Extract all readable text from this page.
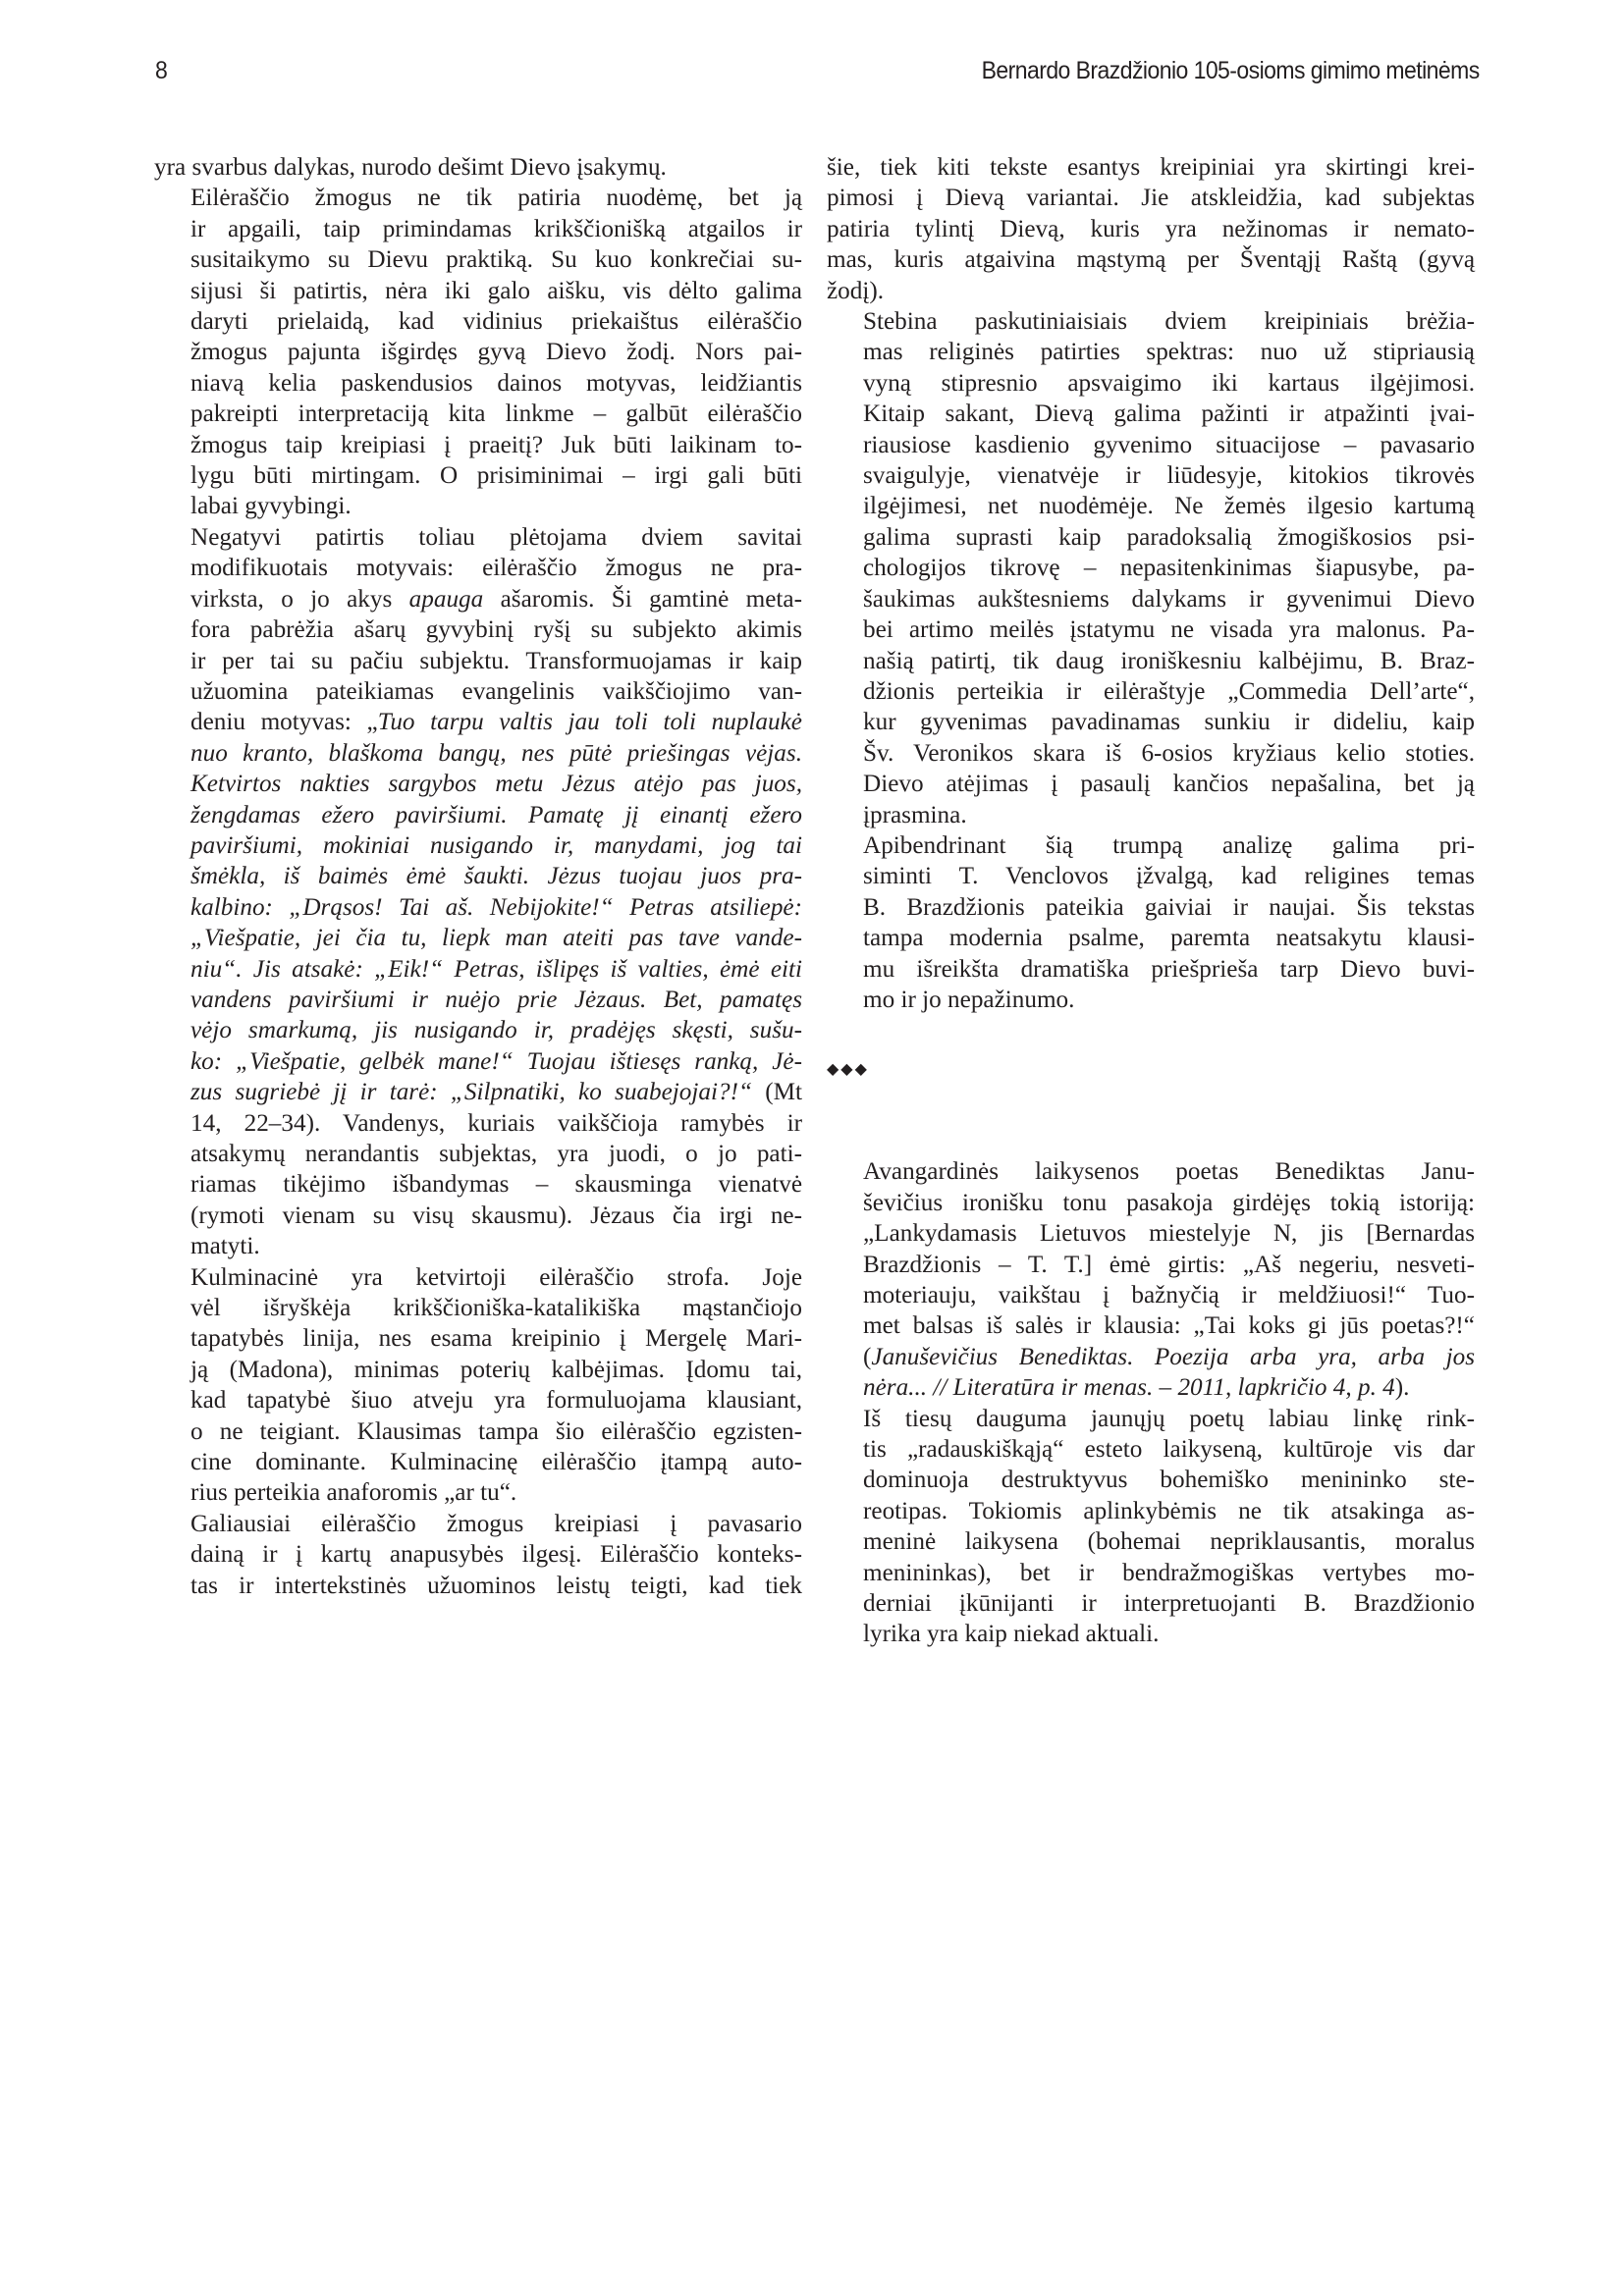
8	Bernardo Brazdžionio 105-osioms gimimo metinėms

yra svarbus dalykas, nurodo dešimt Dievo įsakymų.

Eilėraščio žmogus ne tik patiria nuodėmę, bet ją
ir apgaili, taip primindamas krikščionišką atgailos ir
susitaikymo su Dievu praktiką. Su kuo konkrečiai su-
sijusi ši patirtis, nėra iki galo aišku, vis dėlto galima
daryti prielaidą, kad vidinius priekaištus eilėraščio
žmogus pajunta išgirdęs gyvą Dievo žodį. Nors pai-
niavą kelia paskendusios dainos motyvas, leidžiantis
pakreipti interpretaciją kita linkme – galbūt eilėraščio
žmogus taip kreipiasi į praeitį? Juk būti laikinam to-
lygu būti mirtingam. O prisiminimai – irgi gali būti
labai gyvybingi.

Negatyvi patirtis toliau plėtojama dviem savitai
modifikuotais motyvais: eilėraščio žmogus ne pra-
virksta, o jo akys apauga ašaromis. Ši gamtinė meta-
fora pabrėžia ašarų gyvybinį ryšį su subjekto akimis
ir per tai su pačiu subjektu. Transformuojamas ir kaip
užuomina pateikiamas evangelinis vaikščiojimo van-
deniu motyvas: „Tuo tarpu valtis jau toli toli nuplaukė
nuo kranto, blaškoma bangų, nes pūtė priešingas vėjas.
Ketvirtos nakties sargybos metu Jėzus atėjo pas juos,
žengdamas ežero paviršiumi. Pamatę jį einantį ežero
paviršiumi, mokiniai nusigando ir, manydami, jog tai
šmėkla, iš baimės ėmė šaukti. Jėzus tuojau juos pra-
kalbino: „Drąsos! Tai aš. Nebijokite!“ Petras atsiliepė:
„Viešpatie, jei čia tu, liepk man ateiti pas tave vande-
niu“. Jis atsakė: „Eik!“ Petras, išlipęs iš valties, ėmė eiti
vandens paviršiumi ir nuėjo prie Jėzaus. Bet, pamatęs
vėjo smarkumą, jis nusigando ir, pradėjęs skęsti, sušu-
ko: „Viešpatie, gelbėk mane!“ Tuojau ištiesęs ranką, Jė-
zus sugriebė jį ir tarė: „Silpnatiki, ko suabejojai?!“ (Mt
14, 22–34). Vandenys, kuriais vaikščioja ramybės ir
atsakymų nerandantis subjektas, yra juodi, o jo pati-
riamas tikėjimo išbandymas – skausminga vienatvė
(rymoti vienam su visų skausmu). Jėzaus čia irgi ne-
matyti.

Kulminacinė yra ketvirtoji eilėraščio strofa. Joje
vėl išryškėja krikščioniška-katalikiška mąstančiojo
tapatybės linija, nes esama kreipinio į Mergelę Mari-
ją (Madona), minimas poterių kalbėjimas. Įdomu tai,
kad tapatybė šiuo atveju yra formuluojama klausiant,
o ne teigiant. Klausimas tampa šio eilėraščio egzisten-
cine dominante. Kulminacinę eilėraščio įtampą auto-
rius perteikia anaforomis „ar tu“.

Galiausiai eilėraščio žmogus kreipiasi į pavasario
dainą ir į kartų anapusybės ilgesį. Eilėraščio konteks-
tas ir intertekstinės užuominos leistų teigti, kad tiek

šie, tiek kiti tekste esantys kreipiniai yra skirtingi krei-
pimosi į Dievą variantai. Jie atskleidžia, kad subjektas
patiria tylintį Dievą, kuris yra nežinomas ir nemato-
mas, kuris atgaivina mąstymą per Šventąjį Raštą (gyvą
žodį).

Stebina paskutiniaisiais dviem kreipiniais brėžia-
mas religinės patirties spektras: nuo už stipriausią
vyną stipresnio apsvaigimo iki kartaus ilgėjimosi.
Kitaip sakant, Dievą galima pažinti ir atpažinti įvai-
riausiose kasdienio gyvenimo situacijose – pavasario
svaigulyje, vienatvėje ir liūdesyje, kitokios tikrovės
ilgėjimesi, net nuodėmėje. Ne žemės ilgesio kartumą
galima suprasti kaip paradoksalią žmogiškosios psi-
chologijos tikrovę – nepasitenkinimas šiapusybe, pa-
šaukimas aukštesniems dalykams ir gyvenimui Dievo
bei artimo meilės įstatymu ne visada yra malonus. Pa-
našią patirtį, tik daug ironiškesniu kalbėjimu, B. Braz-
džionis perteikia ir eilėraštyje „Commedia Dell’arte“,
kur gyvenimas pavadinamas sunkiu ir dideliu, kaip
Šv. Veronikos skara iš 6-osios kryžiaus kelio stoties.
Dievo atėjimas į pasaulį kančios nepašalina, bet ją
įprasmina.

Apibendrinant šią trumpą analizę galima pri-
siminti T. Venclovos įžvalgą, kad religines temas
B. Brazdžionis pateikia gaiviai ir naujai. Šis tekstas
tampa modernia psalme, paremta neatsakytu klausi-
mu išreikšta dramatiška priešprieša tarp Dievo buvi-
mo ir jo nepažinumo.

◆◆◆

Avangardinės laikysenos poetas Benediktas Janu-
ševičius ironišku tonu pasakoja girdėjęs tokią istoriją:
„Lankydamasis Lietuvos miestelyje N, jis [Bernardas
Brazdžionis – T. T.] ėmė girtis: „Aš negeriu, nesveti-
moteriauju, vaikštau į bažnyčią ir meldžiuosi!“ Tuo-
met balsas iš salės ir klausia: „Tai koks gi jūs poetas?!“
(Januševičius Benediktas. Poezija arba yra, arba jos
nėra... // Literatūra ir menas. – 2011, lapkričio 4, p. 4).

Iš tiesų dauguma jaunųjų poetų labiau linkę rink-
tis „radauskiškąją“ esteto laikyseną, kultūroje vis dar
dominuoja destruktyvus bohemiško menininko ste-
reotipas. Tokiomis aplinkybėmis ne tik atsakinga as-
meninė laikysena (bohemai nepriklausantis, moralus
menininkas), bet ir bendražmogiškas vertybes mo-
derniai įkūnijanti ir interpretuojanti B. Brazdžionio
lyrika yra kaip niekad aktuali.
